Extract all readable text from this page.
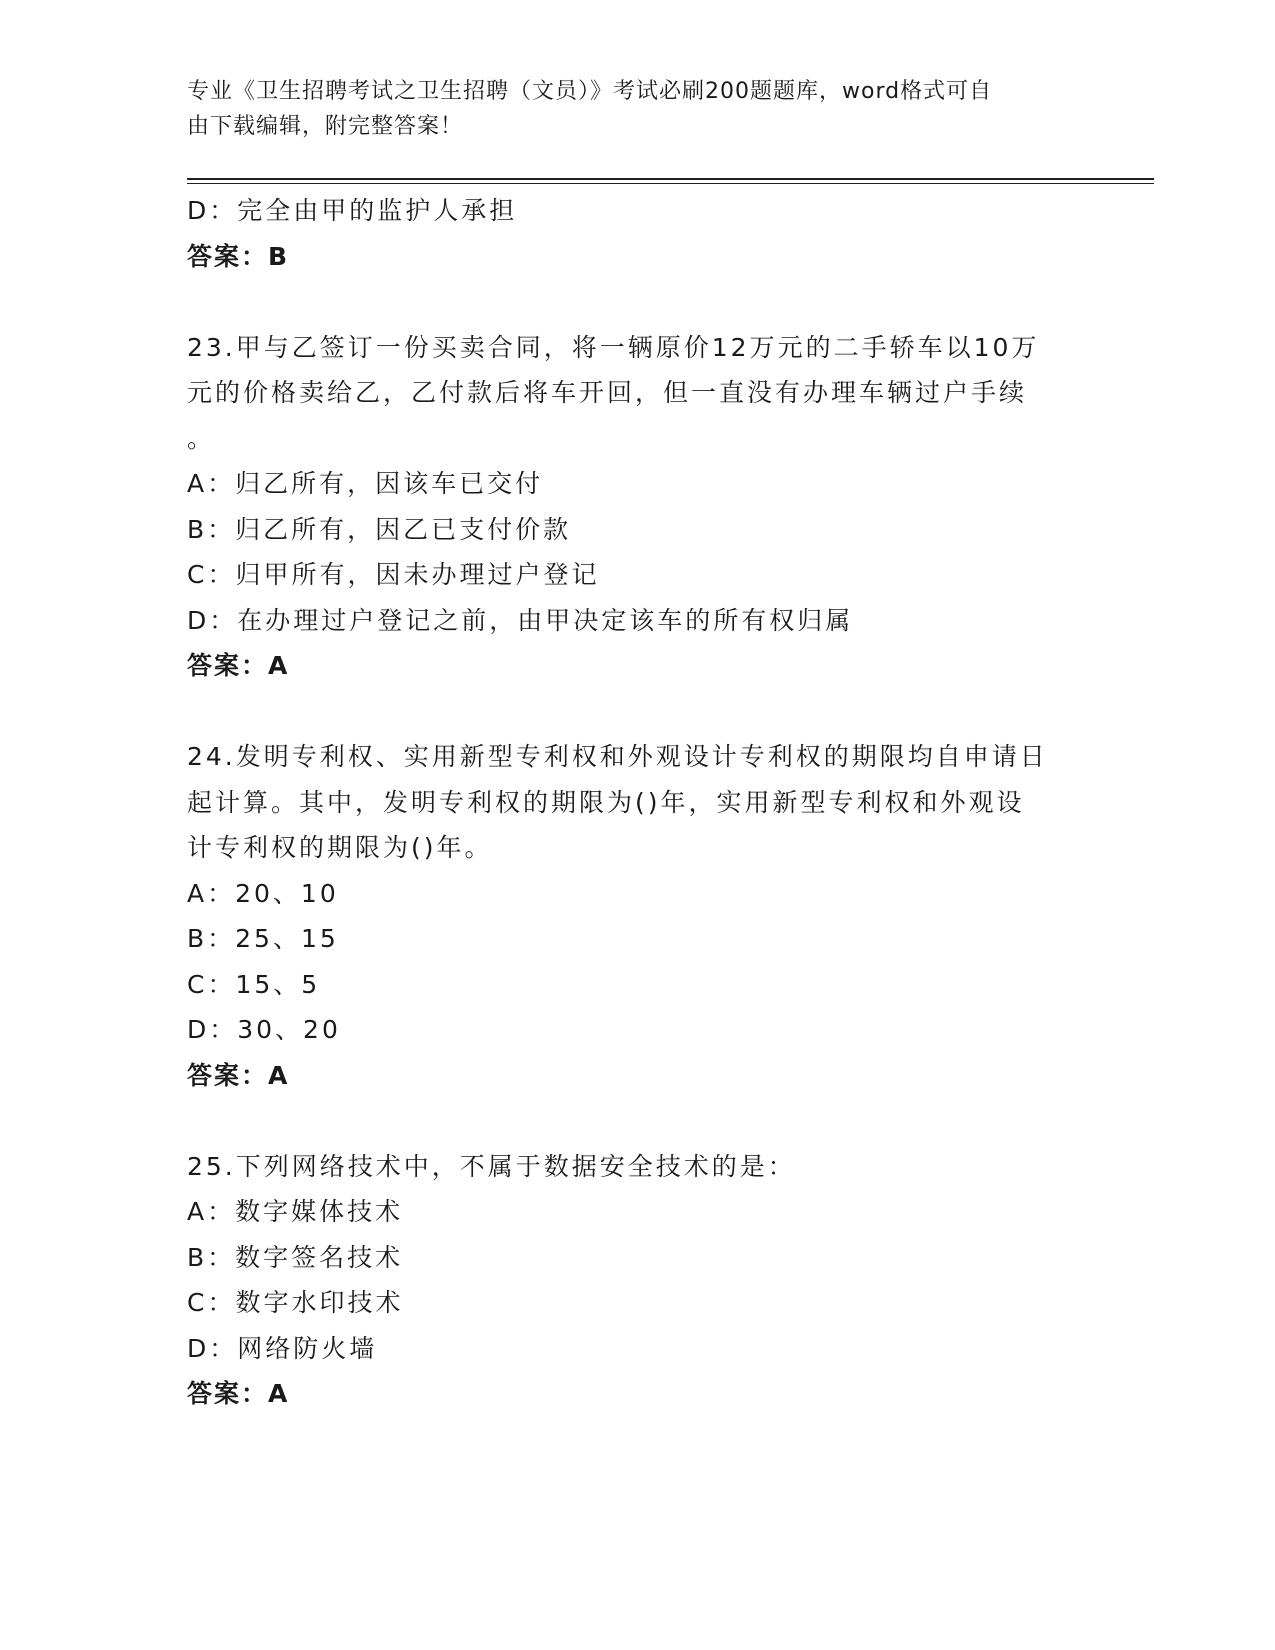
专业《卫生招聘考试之卫生招聘（文员）》考试必刷200题题库，word格式可自
由下载编辑，附完整答案！
D：完全由甲的监护人承担
答案：B
23.甲与乙签订一份买卖合同，将一辆原价12万元的二手轿车以10万
元的价格卖给乙，乙付款后将车开回，但一直没有办理车辆过户手续
。
A：归乙所有，因该车已交付
B：归乙所有，因乙已支付价款
C：归甲所有，因未办理过户登记
D：在办理过户登记之前，由甲决定该车的所有权归属
答案：A
24.发明专利权、实用新型专利权和外观设计专利权的期限均自申请日
起计算。其中，发明专利权的期限为()年，实用新型专利权和外观设
计专利权的期限为()年。
A：20、10
B：25、15
C：15、5
D：30、20
答案：A
25.下列网络技术中，不属于数据安全技术的是：
A：数字媒体技术
B：数字签名技术
C：数字水印技术
D：网络防火墙
答案：A
